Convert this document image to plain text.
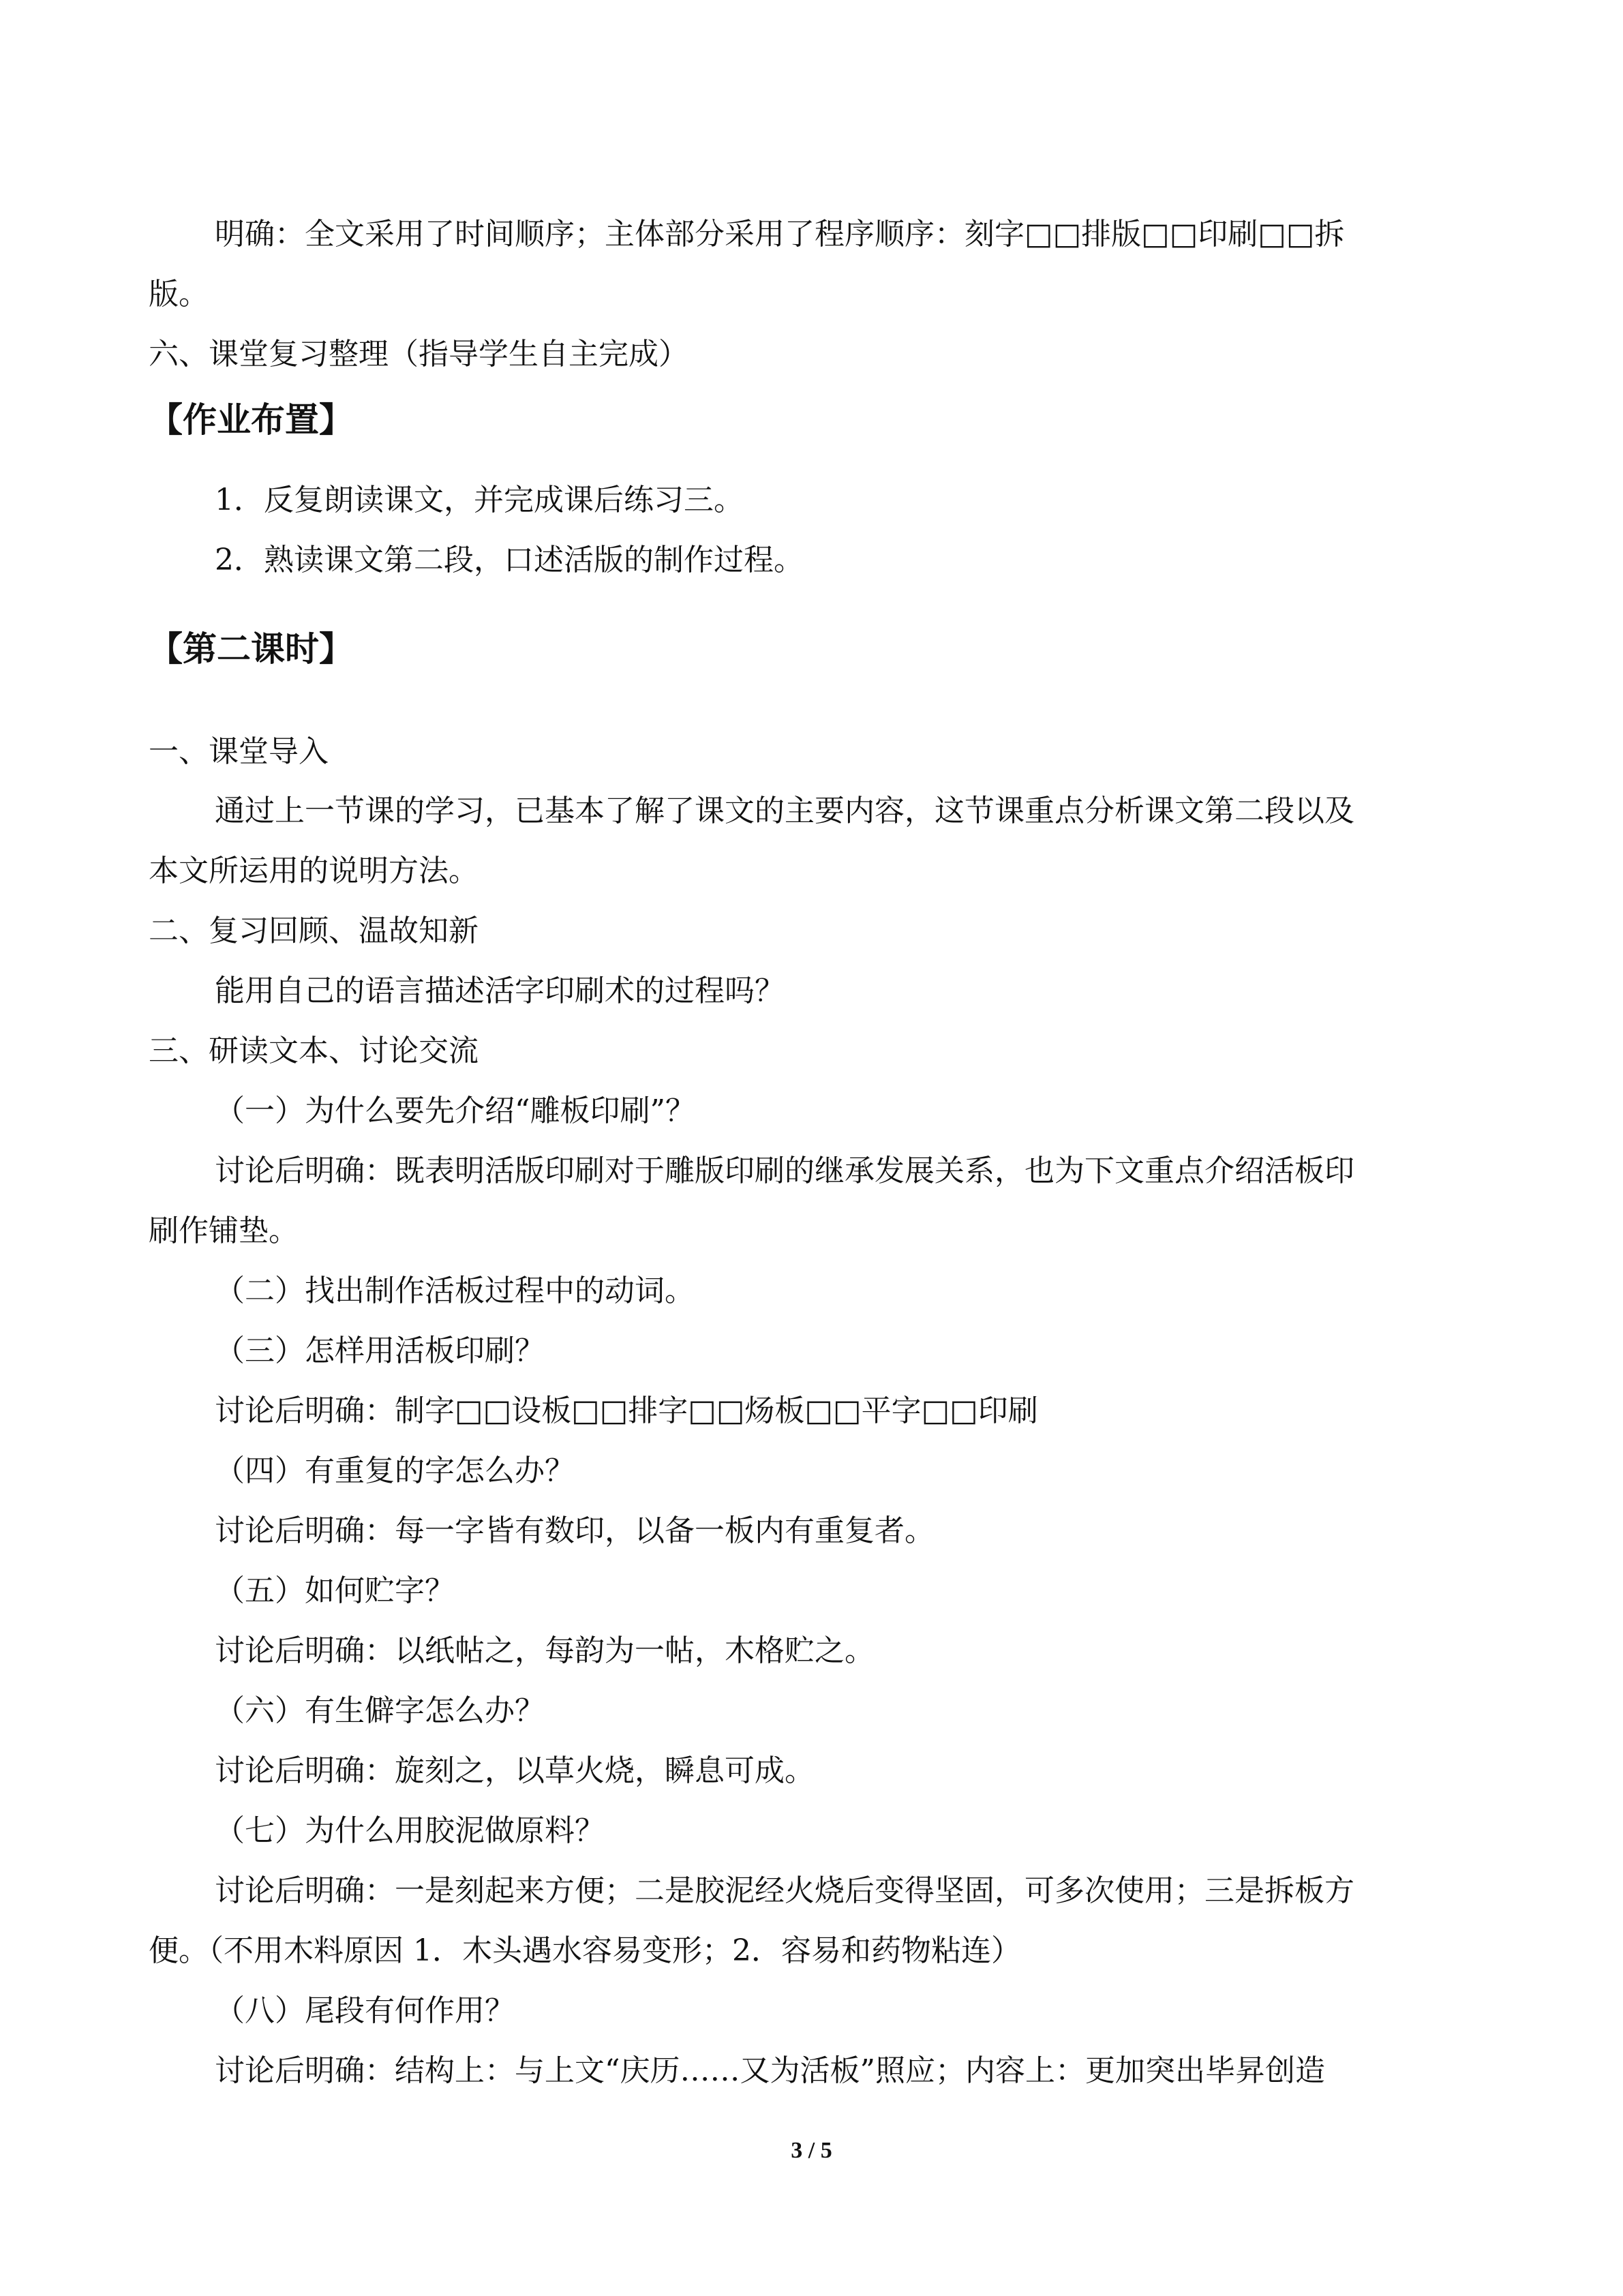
明确：全文采用了时间顺序；主体部分采用了程序顺序：刻字□□排版□□印刷□□拆
版。
六、课堂复习整理（指导学生自主完成）
【作业布置】
1．反复朗读课文，并完成课后练习三。
2．熟读课文第二段，口述活版的制作过程。
【第二课时】
一、课堂导入
通过上一节课的学习，已基本了解了课文的主要内容，这节课重点分析课文第二段以及
本文所运用的说明方法。
二、复习回顾、温故知新
能用自己的语言描述活字印刷术的过程吗？
三、研读文本、讨论交流
（一）为什么要先介绍“雕板印刷”？
讨论后明确：既表明活版印刷对于雕版印刷的继承发展关系，也为下文重点介绍活板印
刷作铺垫。
（二）找出制作活板过程中的动词。
（三）怎样用活板印刷？
讨论后明确：制字□□设板□□排字□□炀板□□平字□□印刷
（四）有重复的字怎么办？
讨论后明确：每一字皆有数印，以备一板内有重复者。
（五）如何贮字？
讨论后明确：以纸帖之，每韵为一帖，木格贮之。
（六）有生僻字怎么办？
讨论后明确：旋刻之，以草火烧，瞬息可成。
（七）为什么用胶泥做原料？
讨论后明确：一是刻起来方便；二是胶泥经火烧后变得坚固，可多次使用；三是拆板方
便。（不用木料原因 1．木头遇水容易变形；2．容易和药物粘连）
（八）尾段有何作用？
讨论后明确：结构上：与上文“庆历……又为活板”照应；内容上：更加突出毕昇创造
3 / 5
